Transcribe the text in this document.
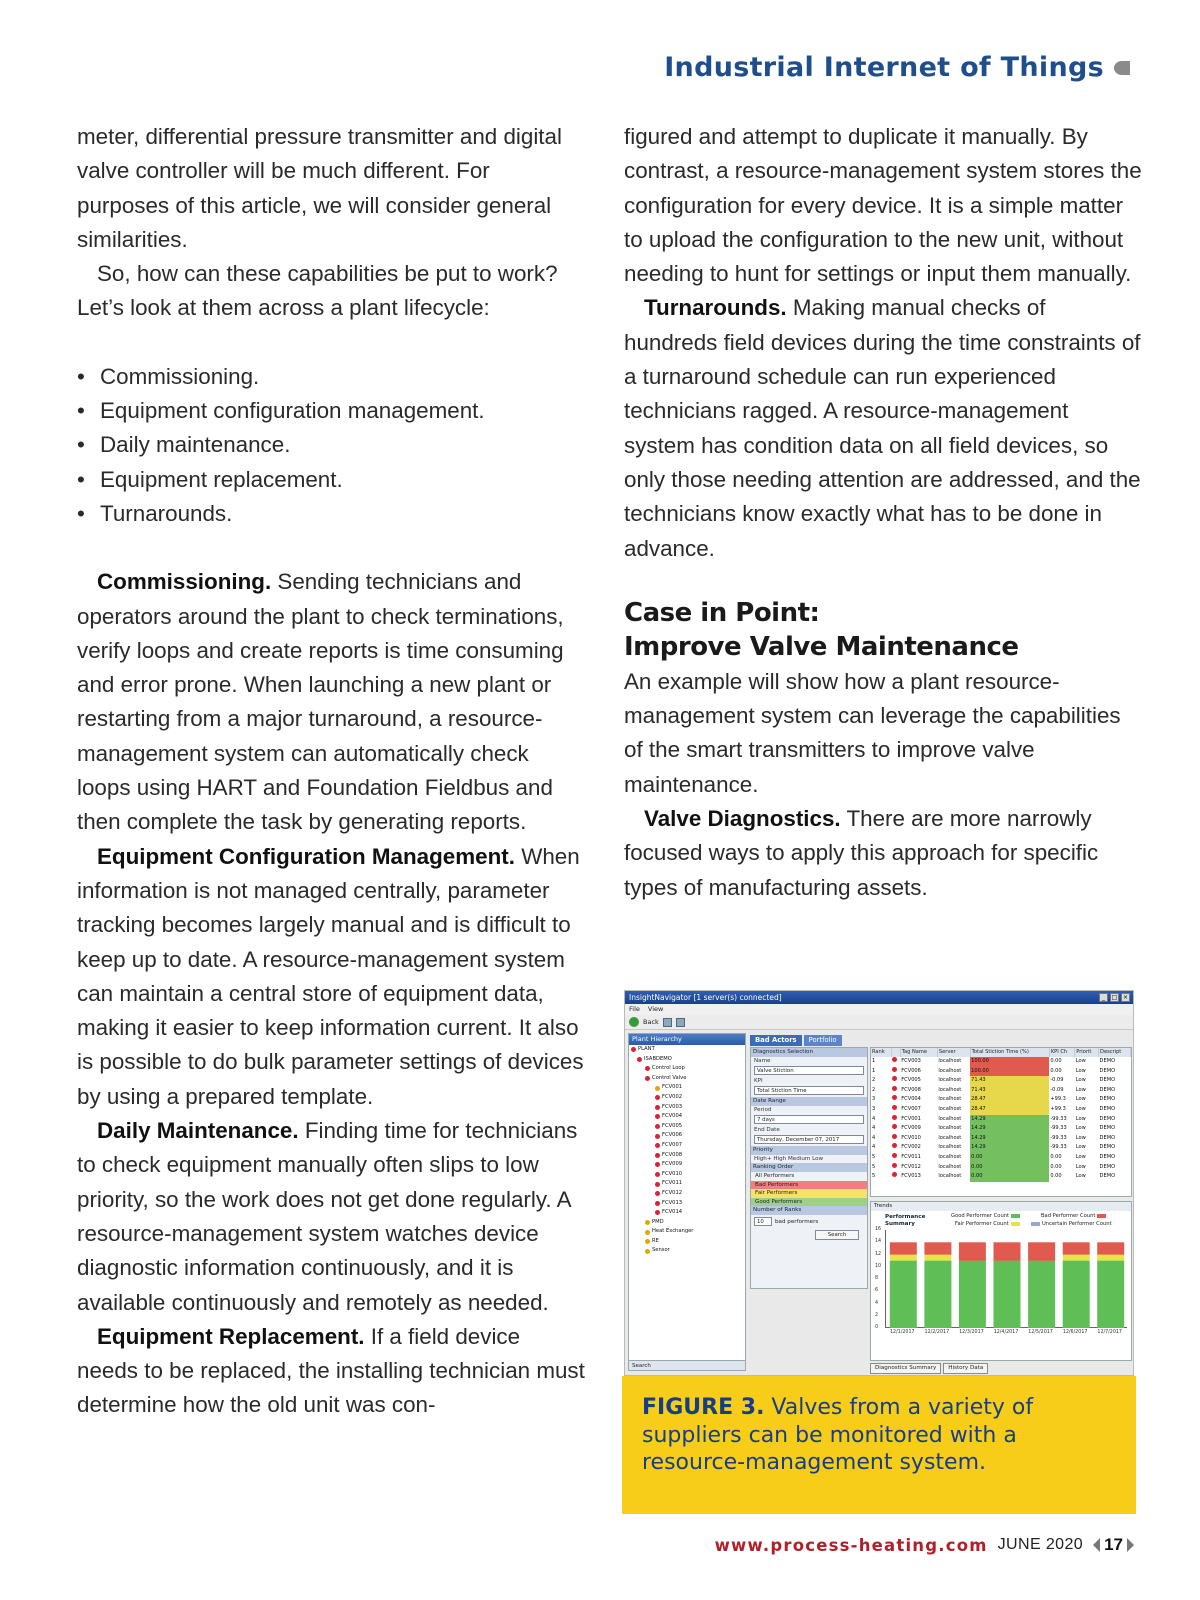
Industrial Internet of Things

meter, differential pressure transmitter and digital valve controller will be much different. For purposes of this article, we will consider general similarities.

So, how can these capabilities be put to work? Let’s look at them across a plant lifecycle:

• Commissioning.
• Equipment configuration management.
• Daily maintenance.
• Equipment replacement.
• Turnarounds.

Commissioning. Sending technicians and operators around the plant to check terminations, verify loops and create reports is time consuming and error prone. When launching a new plant or restarting from a major turnaround, a resource-management system can automatically check loops using HART and Foundation Fieldbus and then complete the task by generating reports.

Equipment Configuration Management. When information is not managed centrally, parameter tracking becomes largely manual and is difficult to keep up to date. A resource-management system can maintain a central store of equipment data, making it easier to keep information current. It also is possible to do bulk parameter settings of devices by using a prepared template.

Daily Maintenance. Finding time for technicians to check equipment manually often slips to low priority, so the work does not get done regularly. A resource-management system watches device diagnostic information continuously, and it is available continuously and remotely as needed.

Equipment Replacement. If a field device needs to be replaced, the installing technician must determine how the old unit was con-

figured and attempt to duplicate it manually. By contrast, a resource-management system stores the configuration for every device. It is a simple matter to upload the configuration to the new unit, without needing to hunt for settings or input them manually.

Turnarounds. Making manual checks of hundreds field devices during the time constraints of a turnaround schedule can run experienced technicians ragged. A resource-management system has condition data on all field devices, so only those needing attention are addressed, and the technicians know exactly what has to be done in advance.

Case in Point:
Improve Valve Maintenance

An example will show how a plant resource-management system can leverage the capabilities of the smart transmitters to improve valve maintenance.

Valve Diagnostics. There are more narrowly focused ways to apply this approach for specific types of manufacturing assets.

InsightNavigator [1 server(s) connected]	_	□ ×
File View
Back
Plant Hierarchy
PLANT
ISABDEMO
Control Loop
Control Valve
FCV001
FCV002
FCV003
FCV004
FCV005
FCV006
FCV007
FCV008
FCV009
FCV010
FCV011
FCV012
FCV013
FCV014
PMD
Heat Exchanger
RE
Sensor
Search
Bad Actors	Portfolio
Diagnostics Selection
Name
Valve Stiction
KPI
Total Stiction Time
Date Range
Period
7 days
End Date
Thursday, December 07, 2017
Priority
High+ High Medium Low
Ranking Order
All Performers
Bad Performers
Fair Performers
Good Performers
Number of Ranks
10	bad performers
Search
Rank		Tag Name	Server	Total Stiction Time (%)	KPI Ch	Priorit	Descript
1		FCV003	localhost	100.00	0.00	Low	DEMO
1		FCV006	localhost	100.00	0.00	Low	DEMO
2		FCV005	localhost	71.43	-0.09	Low	DEMO
2		FCV008	localhost	71.43	-0.09	Low	DEMO
3		FCV004	localhost	28.47	+99.3	Low	DEMO
3		FCV007	localhost	28.47	+99.3	Low	DEMO
4		FCV001	localhost	14.29	-99.33	Low	DEMO
4		FCV009	localhost	14.29	-99.33	Low	DEMO
4		FCV010	localhost	14.29	-99.33	Low	DEMO
4		FCV002	localhost	14.29	-99.33	Low	DEMO
5		FCV011	localhost	0.00	0.00	Low	DEMO
5		FCV012	localhost	0.00	0.00	Low	DEMO
5		FCV013	localhost	0.00	0.00	Low	DEMO
Trends
Performance
Summary
Good Performer Count	Bad Performer Count
Fair Performer Count	Uncertain Performer Count
0
2
4
6
8
10
12
14
16
12/1/2017	12/2/2017	12/3/2017	12/4/2017	12/5/2017	12/6/2017	12/7/2017
Diagnostics Summary	History Data
FIGURE 3. Valves from a variety of suppliers can be monitored with a resource-management system.
www.process-heating.com JUNE 2020 17
